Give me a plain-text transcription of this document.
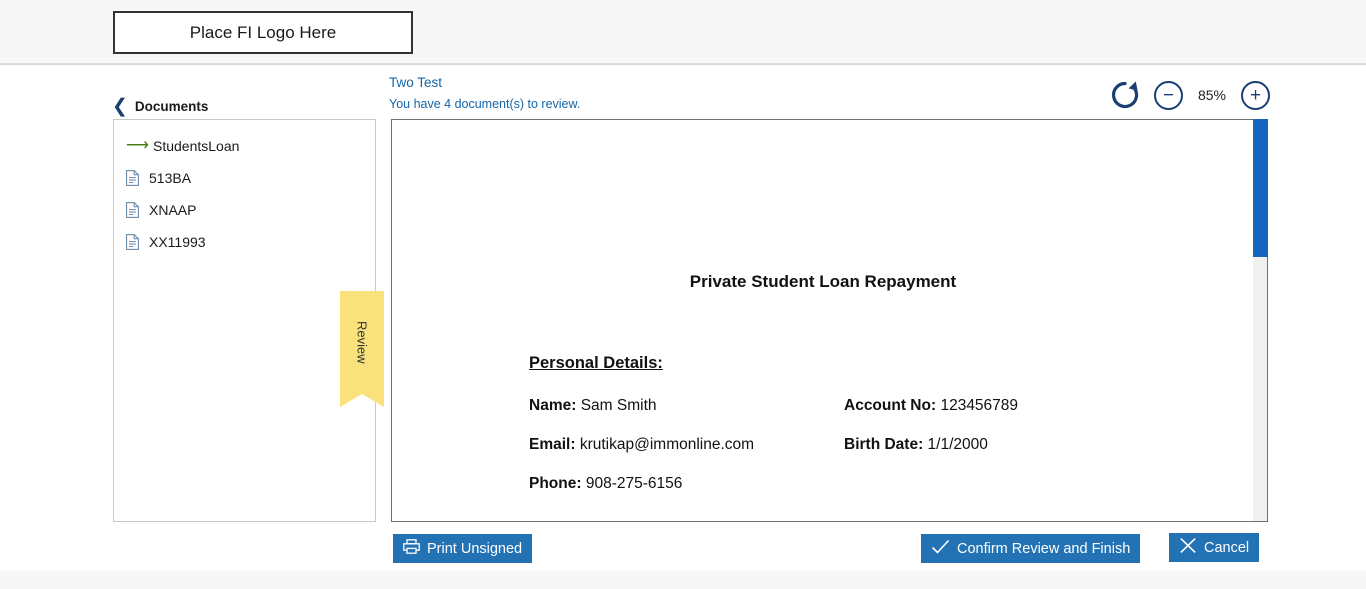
Place FI Logo Here
❮ Documents
Two Test
You have 4 document(s) to review.	− 85% +
⟶ StudentsLoan
513BA
XNAAP
XX11993
Review
Private Student Loan Repayment
Personal Details:
Name: Sam Smith	Account No: 123456789
Email: krutikap@immonline.com	Birth Date: 1/1/2000
Phone: 908-275-6156
Print Unsigned	Confirm Review and Finish	Cancel
